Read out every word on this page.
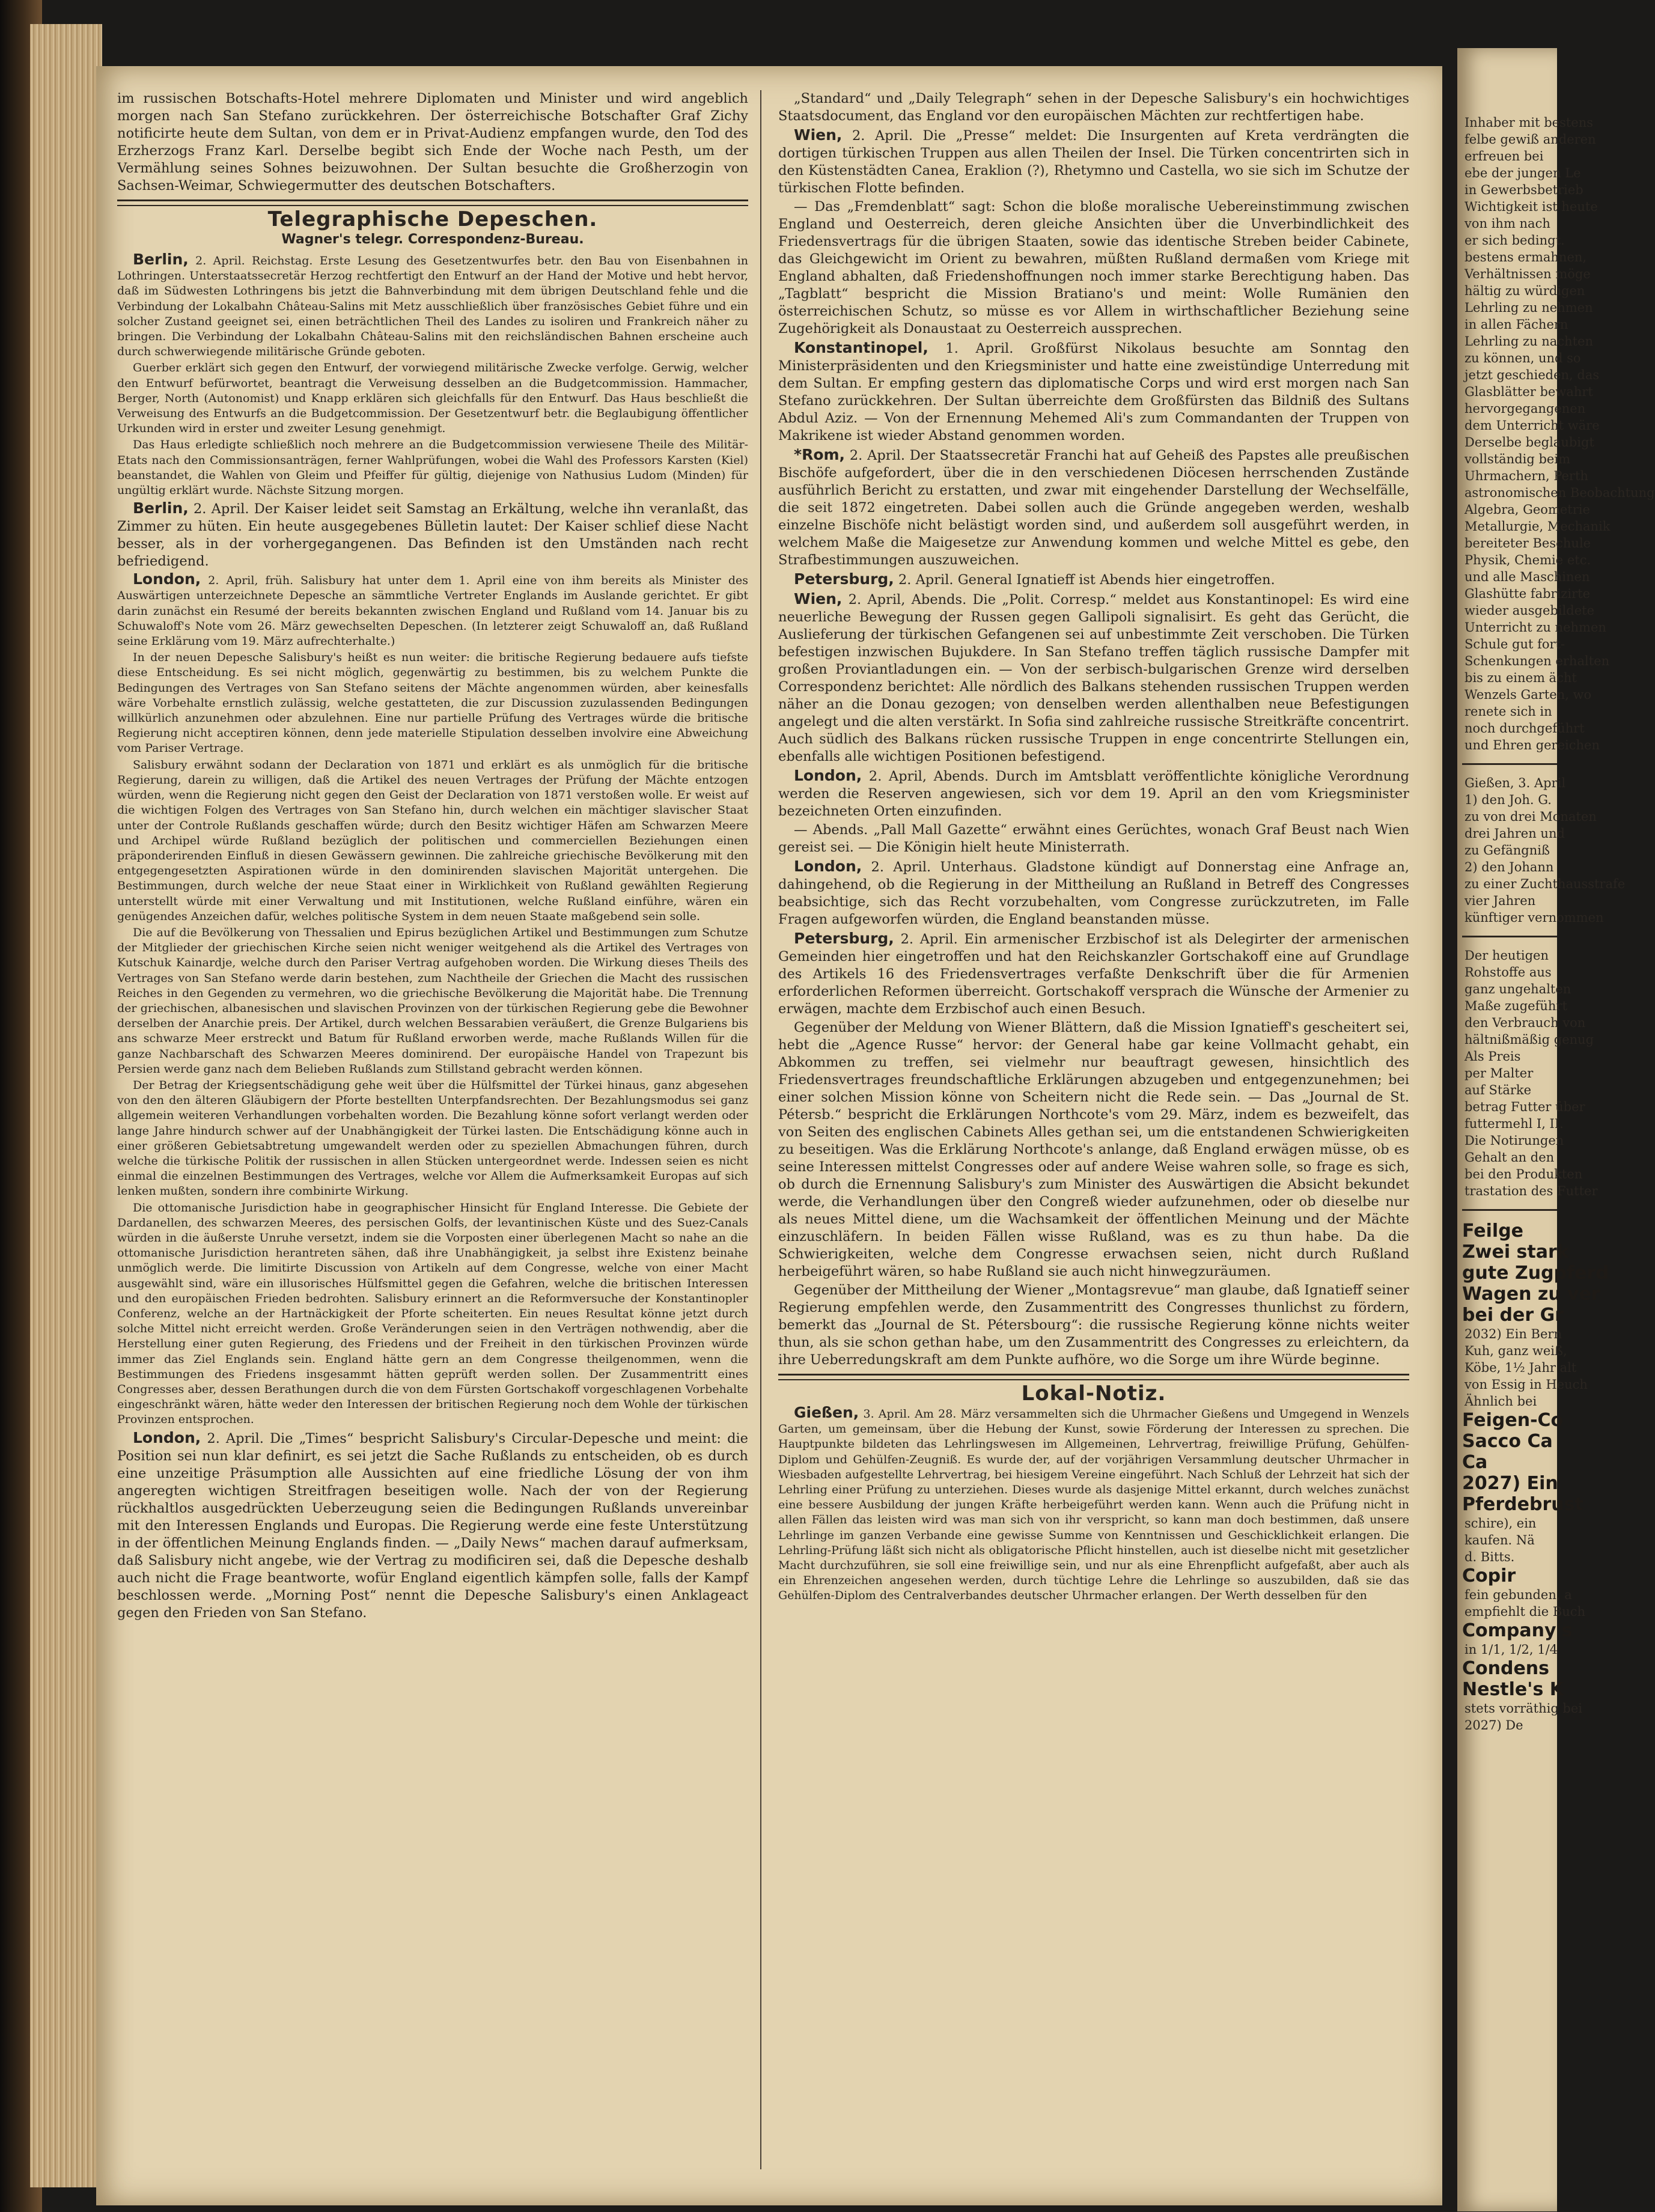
im russischen Botschafts-Hotel mehrere Diplomaten und Minister und wird angeblich morgen nach San Stefano zurückkehren. Der österreichische Botschafter Graf Zichy notificirte heute dem Sultan, von dem er in Privat-Audienz empfangen wurde, den Tod des Erzherzogs Franz Karl. Derselbe begibt sich Ende der Woche nach Pesth, um der Vermählung seines Sohnes beizuwohnen. Der Sultan besuchte die Großherzogin von Sachsen-Weimar, Schwiegermutter des deutschen Botschafters.

Telegraphische Depeschen.
Wagner's telegr. Correspondenz-Bureau.

Berlin, 2. April. Reichstag. Erste Lesung des Gesetzentwurfes betr. den Bau von Eisenbahnen in Lothringen. Unterstaatssecretär Herzog rechtfertigt den Entwurf an der Hand der Motive und hebt hervor, daß im Südwesten Lothringens bis jetzt die Bahnverbindung mit dem übrigen Deutschland fehle und die Verbindung der Lokalbahn Château-Salins mit Metz ausschließlich über französisches Gebiet führe und ein solcher Zustand geeignet sei, einen beträchtlichen Theil des Landes zu isoliren und Frankreich näher zu bringen. Die Verbindung der Lokalbahn Château-Salins mit den reichsländischen Bahnen erscheine auch durch schwerwiegende militärische Gründe geboten.

Guerber erklärt sich gegen den Entwurf, der vorwiegend militärische Zwecke verfolge. Gerwig, welcher den Entwurf befürwortet, beantragt die Verweisung desselben an die Budgetcommission. Hammacher, Berger, North (Autonomist) und Knapp erklären sich gleichfalls für den Entwurf. Das Haus beschließt die Verweisung des Entwurfs an die Budgetcommission. Der Gesetzentwurf betr. die Beglaubigung öffentlicher Urkunden wird in erster und zweiter Lesung genehmigt.

Das Haus erledigte schließlich noch mehrere an die Budgetcommission verwiesene Theile des Militär-Etats nach den Commissionsanträgen, ferner Wahlprüfungen, wobei die Wahl des Professors Karsten (Kiel) beanstandet, die Wahlen von Gleim und Pfeiffer für gültig, diejenige von Nathusius Ludom (Minden) für ungültig erklärt wurde. Nächste Sitzung morgen.

Berlin, 2. April. Der Kaiser leidet seit Samstag an Erkältung, welche ihn veranlaßt, das Zimmer zu hüten. Ein heute ausgegebenes Bülletin lautet: Der Kaiser schlief diese Nacht besser, als in der vorhergegangenen. Das Befinden ist den Umständen nach recht befriedigend.

London, 2. April, früh. Salisbury hat unter dem 1. April eine von ihm bereits als Minister des Auswärtigen unterzeichnete Depesche an sämmtliche Vertreter Englands im Auslande gerichtet. Er gibt darin zunächst ein Resumé der bereits bekannten zwischen England und Rußland vom 14. Januar bis zu Schuwaloff's Note vom 26. März gewechselten Depeschen. (In letzterer zeigt Schuwaloff an, daß Rußland seine Erklärung vom 19. März aufrechterhalte.)

In der neuen Depesche Salisbury's heißt es nun weiter: die britische Regierung bedauere aufs tiefste diese Entscheidung. Es sei nicht möglich, gegenwärtig zu bestimmen, bis zu welchem Punkte die Bedingungen des Vertrages von San Stefano seitens der Mächte angenommen würden, aber keinesfalls wäre Vorbehalte ernstlich zulässig, welche gestatteten, die zur Discussion zuzulassenden Bedingungen willkürlich anzunehmen oder abzulehnen. Eine nur partielle Prüfung des Vertrages würde die britische Regierung nicht acceptiren können, denn jede materielle Stipulation desselben involvire eine Abweichung vom Pariser Vertrage.

Salisbury erwähnt sodann der Declaration von 1871 und erklärt es als unmöglich für die britische Regierung, darein zu willigen, daß die Artikel des neuen Vertrages der Prüfung der Mächte entzogen würden, wenn die Regierung nicht gegen den Geist der Declaration von 1871 verstoßen wolle. Er weist auf die wichtigen Folgen des Vertrages von San Stefano hin, durch welchen ein mächtiger slavischer Staat unter der Controle Rußlands geschaffen würde; durch den Besitz wichtiger Häfen am Schwarzen Meere und Archipel würde Rußland bezüglich der politischen und commerciellen Beziehungen einen präponderirenden Einfluß in diesen Gewässern gewinnen. Die zahlreiche griechische Bevölkerung mit den entgegengesetzten Aspirationen würde in den dominirenden slavischen Majorität untergehen. Die Bestimmungen, durch welche der neue Staat einer in Wirklichkeit von Rußland gewählten Regierung unterstellt würde mit einer Verwaltung und mit Institutionen, welche Rußland einführe, wären ein genügendes Anzeichen dafür, welches politische System in dem neuen Staate maßgebend sein solle.

Die auf die Bevölkerung von Thessalien und Epirus bezüglichen Artikel und Bestimmungen zum Schutze der Mitglieder der griechischen Kirche seien nicht weniger weitgehend als die Artikel des Vertrages von Kutschuk Kainardje, welche durch den Pariser Vertrag aufgehoben worden. Die Wirkung dieses Theils des Vertrages von San Stefano werde darin bestehen, zum Nachtheile der Griechen die Macht des russischen Reiches in den Gegenden zu vermehren, wo die griechische Bevölkerung die Majorität habe. Die Trennung der griechischen, albanesischen und slavischen Provinzen von der türkischen Regierung gebe die Bewohner derselben der Anarchie preis. Der Artikel, durch welchen Bessarabien veräußert, die Grenze Bulgariens bis ans schwarze Meer erstreckt und Batum für Rußland erworben werde, mache Rußlands Willen für die ganze Nachbarschaft des Schwarzen Meeres dominirend. Der europäische Handel von Trapezunt bis Persien werde ganz nach dem Belieben Rußlands zum Stillstand gebracht werden können.

Der Betrag der Kriegsentschädigung gehe weit über die Hülfsmittel der Türkei hinaus, ganz abgesehen von den den älteren Gläubigern der Pforte bestellten Unterpfandsrechten. Der Bezahlungsmodus sei ganz allgemein weiteren Verhandlungen vorbehalten worden. Die Bezahlung könne sofort verlangt werden oder lange Jahre hindurch schwer auf der Unabhängigkeit der Türkei lasten. Die Entschädigung könne auch in einer größeren Gebietsabtretung umgewandelt werden oder zu speziellen Abmachungen führen, durch welche die türkische Politik der russischen in allen Stücken untergeordnet werde. Indessen seien es nicht einmal die einzelnen Bestimmungen des Vertrages, welche vor Allem die Aufmerksamkeit Europas auf sich lenken mußten, sondern ihre combinirte Wirkung.

Die ottomanische Jurisdiction habe in geographischer Hinsicht für England Interesse. Die Gebiete der Dardanellen, des schwarzen Meeres, des persischen Golfs, der levantinischen Küste und des Suez-Canals würden in die äußerste Unruhe versetzt, indem sie die Vorposten einer überlegenen Macht so nahe an die ottomanische Jurisdiction herantreten sähen, daß ihre Unabhängigkeit, ja selbst ihre Existenz beinahe unmöglich werde. Die limitirte Discussion von Artikeln auf dem Congresse, welche von einer Macht ausgewählt sind, wäre ein illusorisches Hülfsmittel gegen die Gefahren, welche die britischen Interessen und den europäischen Frieden bedrohten. Salisbury erinnert an die Reformversuche der Konstantinopler Conferenz, welche an der Hartnäckigkeit der Pforte scheiterten. Ein neues Resultat könne jetzt durch solche Mittel nicht erreicht werden. Große Veränderungen seien in den Verträgen nothwendig, aber die Herstellung einer guten Regierung, des Friedens und der Freiheit in den türkischen Provinzen würde immer das Ziel Englands sein. England hätte gern an dem Congresse theilgenommen, wenn die Bestimmungen des Friedens insgesammt hätten geprüft werden sollen. Der Zusammentritt eines Congresses aber, dessen Berathungen durch die von dem Fürsten Gortschakoff vorgeschlagenen Vorbehalte eingeschränkt wären, hätte weder den Interessen der britischen Regierung noch dem Wohle der türkischen Provinzen entsprochen.

London, 2. April. Die „Times“ bespricht Salisbury's Circular-Depesche und meint: die Position sei nun klar definirt, es sei jetzt die Sache Rußlands zu entscheiden, ob es durch eine unzeitige Präsumption alle Aussichten auf eine friedliche Lösung der von ihm angeregten wichtigen Streitfragen beseitigen wolle. Nach der von der Regierung rückhaltlos ausgedrückten Ueberzeugung seien die Bedingungen Rußlands unvereinbar mit den Interessen Englands und Europas. Die Regierung werde eine feste Unterstützung in der öffentlichen Meinung Englands finden. — „Daily News“ machen darauf aufmerksam, daß Salisbury nicht angebe, wie der Vertrag zu modificiren sei, daß die Depesche deshalb auch nicht die Frage beantworte, wofür England eigentlich kämpfen solle, falls der Kampf beschlossen werde. „Morning Post“ nennt die Depesche Salisbury's einen Anklageact gegen den Frieden von San Stefano.

„Standard“ und „Daily Telegraph“ sehen in der Depesche Salisbury's ein hochwichtiges Staatsdocument, das England vor den europäischen Mächten zur rechtfertigen habe.

Wien, 2. April. Die „Presse“ meldet: Die Insurgenten auf Kreta verdrängten die dortigen türkischen Truppen aus allen Theilen der Insel. Die Türken concentrirten sich in den Küstenstädten Canea, Eraklion (?), Rhetymno und Castella, wo sie sich im Schutze der türkischen Flotte befinden.

— Das „Fremdenblatt“ sagt: Schon die bloße moralische Uebereinstimmung zwischen England und Oesterreich, deren gleiche Ansichten über die Unverbindlichkeit des Friedensvertrags für die übrigen Staaten, sowie das identische Streben beider Cabinete, das Gleichgewicht im Orient zu bewahren, müßten Rußland dermaßen vom Kriege mit England abhalten, daß Friedenshoffnungen noch immer starke Berechtigung haben. Das „Tagblatt“ bespricht die Mission Bratiano's und meint: Wolle Rumänien den österreichischen Schutz, so müsse es vor Allem in wirthschaftlicher Beziehung seine Zugehörigkeit als Donaustaat zu Oesterreich aussprechen.

Konstantinopel, 1. April. Großfürst Nikolaus besuchte am Sonntag den Ministerpräsidenten und den Kriegsminister und hatte eine zweistündige Unterredung mit dem Sultan. Er empfing gestern das diplomatische Corps und wird erst morgen nach San Stefano zurückkehren. Der Sultan überreichte dem Großfürsten das Bildniß des Sultans Abdul Aziz. — Von der Ernennung Mehemed Ali's zum Commandanten der Truppen von Makrikene ist wieder Abstand genommen worden.

*Rom, 2. April. Der Staatssecretär Franchi hat auf Geheiß des Papstes alle preußischen Bischöfe aufgefordert, über die in den verschiedenen Diöcesen herrschenden Zustände ausführlich Bericht zu erstatten, und zwar mit eingehender Darstellung der Wechselfälle, die seit 1872 eingetreten. Dabei sollen auch die Gründe angegeben werden, weshalb einzelne Bischöfe nicht belästigt worden sind, und außerdem soll ausgeführt werden, in welchem Maße die Maigesetze zur Anwendung kommen und welche Mittel es gebe, den Strafbestimmungen auszuweichen.

Petersburg, 2. April. General Ignatieff ist Abends hier eingetroffen.

Wien, 2. April, Abends. Die „Polit. Corresp.“ meldet aus Konstantinopel: Es wird eine neuerliche Bewegung der Russen gegen Gallipoli signalisirt. Es geht das Gerücht, die Auslieferung der türkischen Gefangenen sei auf unbestimmte Zeit verschoben. Die Türken befestigen inzwischen Bujukdere. In San Stefano treffen täglich russische Dampfer mit großen Proviantladungen ein. — Von der serbisch-bulgarischen Grenze wird derselben Correspondenz berichtet: Alle nördlich des Balkans stehenden russischen Truppen werden näher an die Donau gezogen; von denselben werden allenthalben neue Befestigungen angelegt und die alten verstärkt. In Sofia sind zahlreiche russische Streitkräfte concentrirt. Auch südlich des Balkans rücken russische Truppen in enge concentrirte Stellungen ein, ebenfalls alle wichtigen Positionen befestigend.

London, 2. April, Abends. Durch im Amtsblatt veröffentlichte königliche Verordnung werden die Reserven angewiesen, sich vor dem 19. April an den vom Kriegsminister bezeichneten Orten einzufinden.

— Abends. „Pall Mall Gazette“ erwähnt eines Gerüchtes, wonach Graf Beust nach Wien gereist sei. — Die Königin hielt heute Ministerrath.

London, 2. April. Unterhaus. Gladstone kündigt auf Donnerstag eine Anfrage an, dahingehend, ob die Regierung in der Mittheilung an Rußland in Betreff des Congresses beabsichtige, sich das Recht vorzubehalten, vom Congresse zurückzutreten, im Falle Fragen aufgeworfen würden, die England beanstanden müsse.

Petersburg, 2. April. Ein armenischer Erzbischof ist als Delegirter der armenischen Gemeinden hier eingetroffen und hat den Reichskanzler Gortschakoff eine auf Grundlage des Artikels 16 des Friedensvertrages verfaßte Denkschrift über die für Armenien erforderlichen Reformen überreicht. Gortschakoff versprach die Wünsche der Armenier zu erwägen, machte dem Erzbischof auch einen Besuch.

Gegenüber der Meldung von Wiener Blättern, daß die Mission Ignatieff's gescheitert sei, hebt die „Agence Russe“ hervor: der General habe gar keine Vollmacht gehabt, ein Abkommen zu treffen, sei vielmehr nur beauftragt gewesen, hinsichtlich des Friedensvertrages freundschaftliche Erklärungen abzugeben und entgegenzunehmen; bei einer solchen Mission könne von Scheitern nicht die Rede sein. — Das „Journal de St. Pétersb.“ bespricht die Erklärungen Northcote's vom 29. März, indem es bezweifelt, das von Seiten des englischen Cabinets Alles gethan sei, um die entstandenen Schwierigkeiten zu beseitigen. Was die Erklärung Northcote's anlange, daß England erwägen müsse, ob es seine Interessen mittelst Congresses oder auf andere Weise wahren solle, so frage es sich, ob durch die Ernennung Salisbury's zum Minister des Auswärtigen die Absicht bekundet werde, die Verhandlungen über den Congreß wieder aufzunehmen, oder ob dieselbe nur als neues Mittel diene, um die Wachsamkeit der öffentlichen Meinung und der Mächte einzuschläfern. In beiden Fällen wisse Rußland, was es zu thun habe. Da die Schwierigkeiten, welche dem Congresse erwachsen seien, nicht durch Rußland herbeigeführt wären, so habe Rußland sie auch nicht hinwegzuräumen.

Gegenüber der Mittheilung der Wiener „Montagsrevue“ man glaube, daß Ignatieff seiner Regierung empfehlen werde, den Zusammentritt des Congresses thunlichst zu fördern, bemerkt das „Journal de St. Pétersbourg“: die russische Regierung könne nichts weiter thun, als sie schon gethan habe, um den Zusammentritt des Congresses zu erleichtern, da ihre Ueberredungskraft am dem Punkte aufhöre, wo die Sorge um ihre Würde beginne.

Lokal-Notiz.

Gießen, 3. April. Am 28. März versammelten sich die Uhrmacher Gießens und Umgegend in Wenzels Garten, um gemeinsam, über die Hebung der Kunst, sowie Förderung der Interessen zu sprechen. Die Hauptpunkte bildeten das Lehrlingswesen im Allgemeinen, Lehrvertrag, freiwillige Prüfung, Gehülfen-Diplom und Gehülfen-Zeugniß. Es wurde der, auf der vorjährigen Versammlung deutscher Uhrmacher in Wiesbaden aufgestellte Lehrvertrag, bei hiesigem Vereine eingeführt. Nach Schluß der Lehrzeit hat sich der Lehrling einer Prüfung zu unterziehen. Dieses wurde als dasjenige Mittel erkannt, durch welches zunächst eine bessere Ausbildung der jungen Kräfte herbeigeführt werden kann. Wenn auch die Prüfung nicht in allen Fällen das leisten wird was man sich von ihr verspricht, so kann man doch bestimmen, daß unsere Lehrlinge im ganzen Verbande eine gewisse Summe von Kenntnissen und Geschicklichkeit erlangen. Die Lehrling-Prüfung läßt sich nicht als obligatorische Pflicht hinstellen, auch ist dieselbe nicht mit gesetzlicher Macht durchzuführen, sie soll eine freiwillige sein, und nur als eine Ehrenpflicht aufgefaßt, aber auch als ein Ehrenzeichen angesehen werden, durch tüchtige Lehre die Lehrlinge so auszubilden, daß sie das Gehülfen-Diplom des Centralverbandes deutscher Uhrmacher erlangen. Der Werth desselben für den

Inhaber mit bestens
felbe gewiß anderen
erfreuen bei
ebe der jungen Le
in Gewerbsbetrieb
Wichtigkeit ist heute
von ihm nach
er sich bedingt.
bestens ermahnen,
Verhältnissen möge
hältig zu würdigen
Lehrling zu nehmen
in allen Fächern
Lehrling zu nachten
zu können, und so
jetzt geschieden, das
Glasblätter bewahrt
hervorgegangenen
dem Unterricht wäre
Derselbe beglaubigt
vollständig beim
Uhrmachern, Perth
astronomischen Beobachtung
Algebra, Geometrie
Metallurgie, Mechanik
bereiteter Beschule
Physik, Chemie etc.
und alle Maschinen
Glashütte fabrizirte
wieder ausgebildete
Unterricht zu nehmen
Schule gut fort-
Schenkungen erhalten
bis zu einem ächt
Wenzels Garten, wo
renete sich in
noch durchgeführt
und Ehren gereichen
Gießen, 3. April
1) den Joh. G.
zu von drei Monaten
drei Jahren und
zu Gefängniß
2) den Johann
zu einer Zuchthausstrafe
vier Jahren
künftiger vernommen
Der heutigen
Rohstoffe aus
ganz ungehalten
Maße zugeführt
den Verbrauch von
hältnißmäßig genug
Als Preis
per Malter
auf Stärke
betrag Futter über
futtermehl I, II.
Die Notirungen
Gehalt an den
bei den Produkten
trastation des Futter
Feilge
Zwei stark
gute Zugpferd
Wagen zu ver
bei der Gr
2032) Ein Bern
Kuh, ganz weiß,
Köbe, 1½ Jahr alt
von Essig in Heuch
Ähnlich bei
Feigen-Co
Sacco Ca
Ca
2027) Ein
Pferdebrust
schire), ein
kaufen. Nä
d. Bitts.
Copir
fein gebunden, a
empfiehlt die Buch
Company's
in 1/1, 1/2, 1/4
Condens
Nestle's K
stets vorräthig bei
2027) De
